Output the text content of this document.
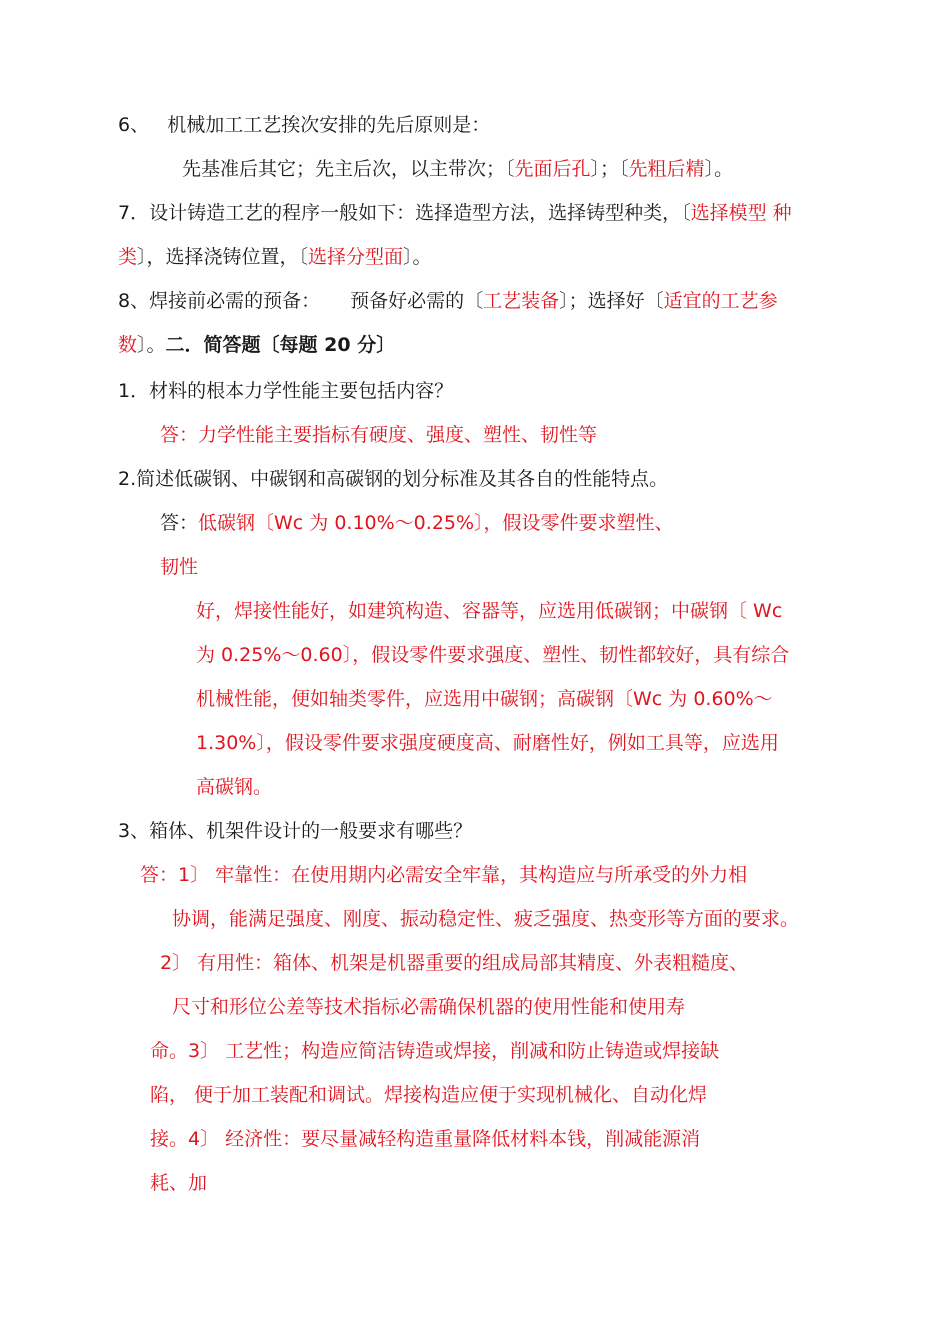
6、 机械加工工艺挨次安排的先后原则是：
先基准后其它；先主后次，以主带次；〔先面后孔〕；〔先粗后精〕。
7．设计铸造工艺的程序一般如下：选择造型方法，选择铸型种类，〔选择模型 种
类〕，选择浇铸位置，〔选择分型面〕。
8、焊接前必需的预备： 预备好必需的〔工艺装备〕；选择好〔适宜的工艺参
数〕。二．简答题〔每题 20 分〕
1．材料的根本力学性能主要包括内容？
答：力学性能主要指标有硬度、强度、塑性、韧性等
2.简述低碳钢、中碳钢和高碳钢的划分标准及其各自的性能特点。
答：低碳钢〔Wc 为 0.10%～0.25%〕，假设零件要求塑性、
韧性
好，焊接性能好，如建筑构造、容器等，应选用低碳钢；中碳钢〔 Wc
为 0.25%～0.60〕，假设零件要求强度、塑性、韧性都较好，具有综合
机械性能，便如轴类零件，应选用中碳钢；高碳钢〔Wc 为 0.60%～
1.30%〕，假设零件要求强度硬度高、耐磨性好，例如工具等，应选用
高碳钢。
3、箱体、机架件设计的一般要求有哪些？
答：1〕 牢靠性：在使用期内必需安全牢靠，其构造应与所承受的外力相
协调，能满足强度、刚度、振动稳定性、疲乏强度、热变形等方面的要求。
2〕 有用性：箱体、机架是机器重要的组成局部其精度、外表粗糙度、
尺寸和形位公差等技术指标必需确保机器的使用性能和使用寿
命。3〕 工艺性；构造应简洁铸造或焊接，削减和防止铸造或焊接缺
陷， 便于加工装配和调试。焊接构造应便于实现机械化、自动化焊
接。4〕 经济性：要尽量减轻构造重量降低材料本钱，削减能源消
耗、加
